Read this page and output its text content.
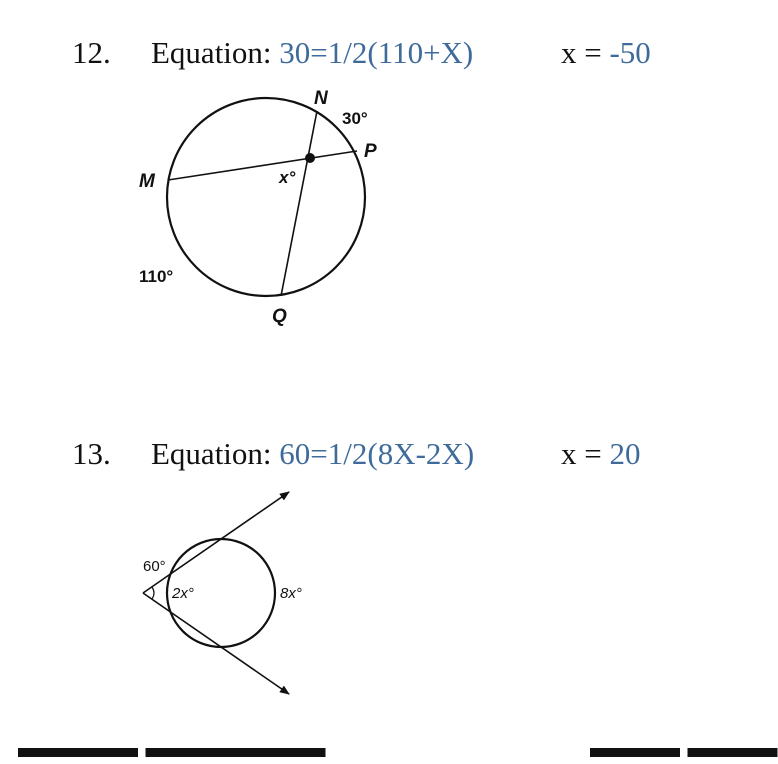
12. Equation: 30=1/2(110+X)	x = -50
N
30°
P
M	x°
110°
Q
13. Equation: 60=1/2(8X-2X)	x = 20
60°
2x°	8x°
▬▬▬▬ ▬▬▬▬▬▬	▬▬▬ ▬▬▬
